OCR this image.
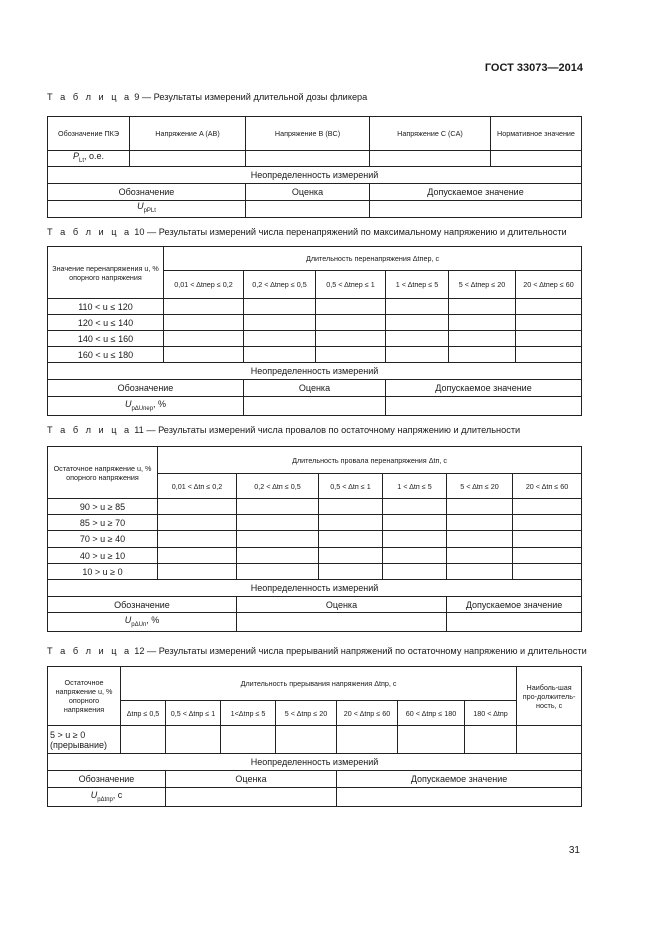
ГОСТ 33073—2014
Т а б л и ц а 9 — Результаты измерений длительной дозы фликера
Обозначение ПКЭ	Напряжение A (AB)	Напряжение B (BC)	Напряжение C (CA)	Нормативное значение
$P_{Lt}$, о.е.				
Неопределенность измерений				
Обозначение		Оценка	Допускаемое значение	
$U_{pPLt}$		
Т а б л и ц а 10 — Результаты измерений числа перенапряжений по максимальному напряжению и длительности
Значение перенапряжения u, % опорного напряжения	Длительность перенапряжения Δtпер, с					
	0,01 < Δtпер ≤ 0,2	0,2 < Δtпер ≤ 0,5	0,5 < Δtпер ≤ 1	1 < Δtпер ≤ 5	5 < Δtпер ≤ 20	20 < Δtпер ≤ 60
110 < u ≤ 120						
120 < u ≤ 140						
140 < u ≤ 160						
160 < u ≤ 180						
Неопределенность измерений						
Обозначение		Оценка		Допускаемое значение		
$U_{p\Delta Uпер}$, %						
Т а б л и ц а 11 — Результаты измерений числа провалов по остаточному напряжению и длительности
Остаточное напряжение u, % опорного напряжения	Длительность провала перенапряжения Δtп, с					
	0,01 < Δtп ≤ 0,2	0,2 < Δtп ≤ 0,5	0,5 < Δtп ≤ 1	1 < Δtп ≤ 5	5 < Δtп ≤ 20	20 < Δtп ≤ 60
90 > u ≥ 85						
85 > u ≥ 70						
70 > u ≥ 40						
40 > u ≥ 10						
10 > u ≥ 0						
Неопределенность измерений						
Обозначение		Оценка			Допускаемое значение	
$U_{p\Delta Uп}$, %						
Т а б л и ц а 12 — Результаты измерений числа прерываний напряжений по остаточному напряжению и длительности
Остаточное напряжение u, % опорного напряжения	Длительность прерывания напряжения Δtпр, с							Наиболь-шая про-должитель-ность, с
	Δtпр ≤ 0,5	0,5 < Δtпр ≤ 1	1<Δtпр ≤ 5	5 < Δtпр ≤ 20	20 < Δtпр ≤ 60	60 < Δtпр ≤ 180	180 < Δtпр	
5 > u ≥ 0 (прерывание)								
Неопределенность измерений								
Обозначение		Оценка			Допускаемое значение			
$U_{p\Delta tпр}$, с								
31
